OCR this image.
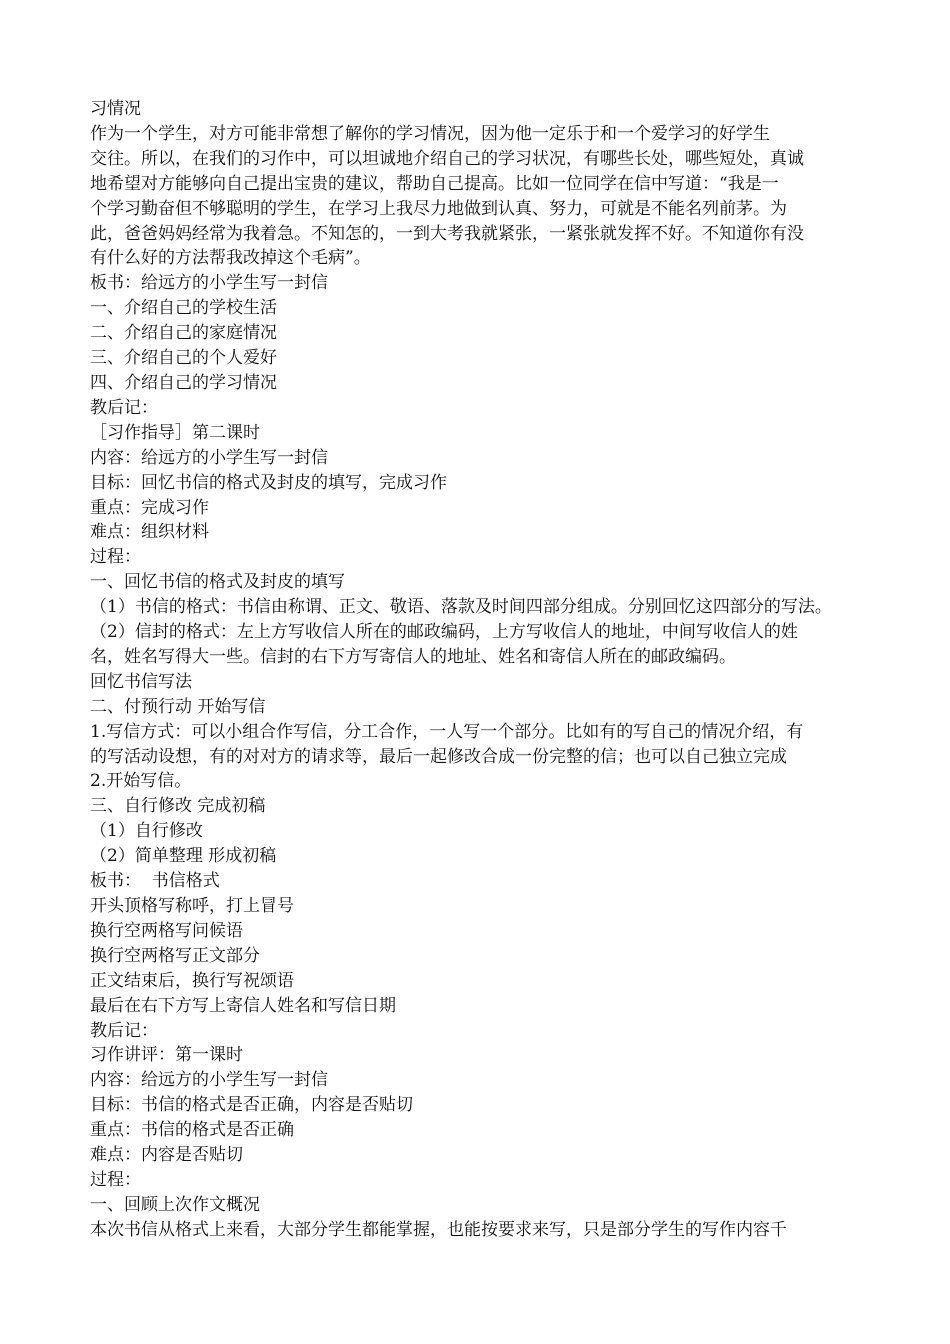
习情况
作为一个学生，对方可能非常想了解你的学习情况，因为他一定乐于和一个爱学习的好学生
交往。所以，在我们的习作中，可以坦诚地介绍自己的学习状况，有哪些长处，哪些短处，真诚
地希望对方能够向自己提出宝贵的建议，帮助自己提高。比如一位同学在信中写道：“我是一
个学习勤奋但不够聪明的学生，在学习上我尽力地做到认真、努力，可就是不能名列前茅。为
此，爸爸妈妈经常为我着急。不知怎的，一到大考我就紧张，一紧张就发挥不好。不知道你有没
有什么好的方法帮我改掉这个毛病”。
板书：给远方的小学生写一封信
一、介绍自己的学校生活
二、介绍自己的家庭情况
三、介绍自己的个人爱好
四、介绍自己的学习情况
教后记：
［习作指导］第二课时
内容：给远方的小学生写一封信
目标：回忆书信的格式及封皮的填写，完成习作
重点：完成习作
难点：组织材料
过程：
一、回忆书信的格式及封皮的填写
（1）书信的格式：书信由称谓、正文、敬语、落款及时间四部分组成。分别回忆这四部分的写法。
（2）信封的格式：左上方写收信人所在的邮政编码，上方写收信人的地址，中间写收信人的姓
名，姓名写得大一些。信封的右下方写寄信人的地址、姓名和寄信人所在的邮政编码。
回忆书信写法
二、付预行动 开始写信
1.写信方式：可以小组合作写信，分工合作，一人写一个部分。比如有的写自己的情况介绍，有
的写活动设想，有的对对方的请求等，最后一起修改合成一份完整的信；也可以自己独立完成
2.开始写信。
三、自行修改 完成初稿
（1）自行修改
（2）简单整理 形成初稿
板书：  书信格式
开头顶格写称呼，打上冒号
换行空两格写问候语
换行空两格写正文部分
正文结束后，换行写祝颂语
最后在右下方写上寄信人姓名和写信日期
教后记：
习作讲评：第一课时
内容：给远方的小学生写一封信
目标：书信的格式是否正确，内容是否贴切
重点：书信的格式是否正确
难点：内容是否贴切
过程：
一、回顾上次作文概况
本次书信从格式上来看，大部分学生都能掌握，也能按要求来写，只是部分学生的写作内容千
